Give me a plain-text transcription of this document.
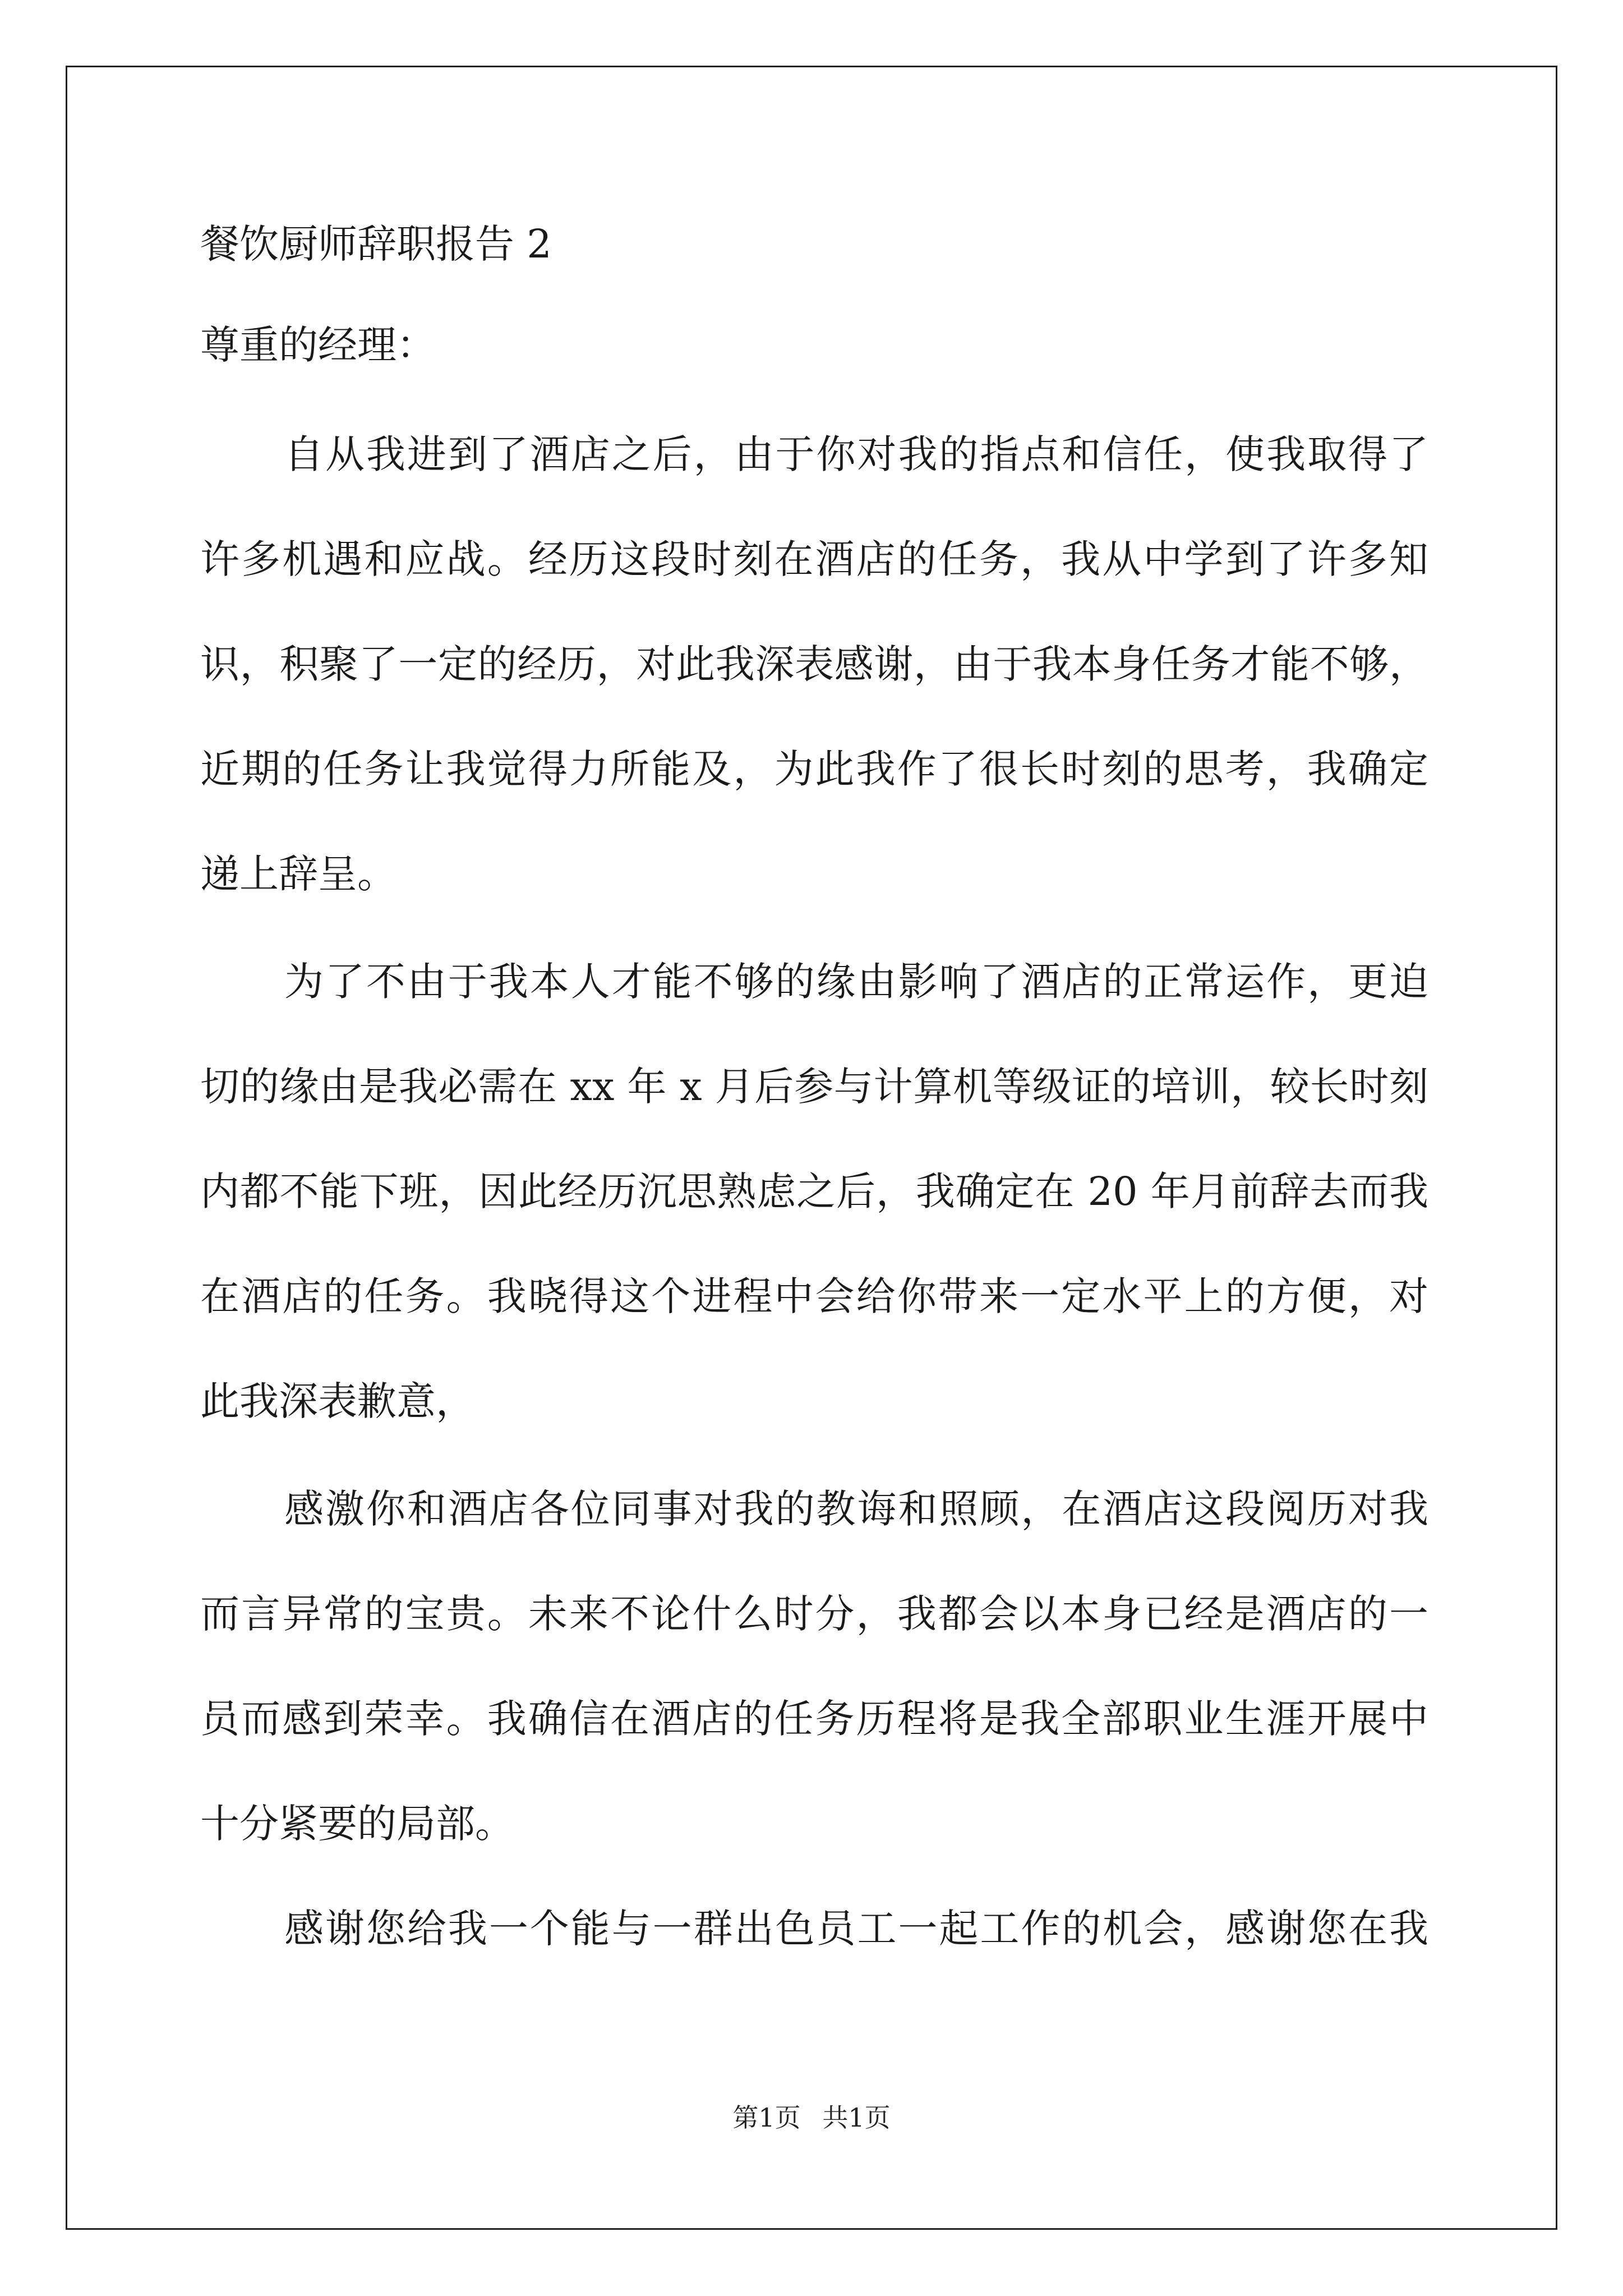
餐饮厨师辞职报告 2
尊重的经理：
自从我进到了酒店之后，由于你对我的指点和信任，使我取得了
许多机遇和应战。经历这段时刻在酒店的任务，我从中学到了许多知
识，积聚了一定的经历，对此我深表感谢，由于我本身任务才能不够，
近期的任务让我觉得力所能及，为此我作了很长时刻的思考，我确定
递上辞呈。
为了不由于我本人才能不够的缘由影响了酒店的正常运作，更迫
切的缘由是我必需在 xx 年 x 月后参与计算机等级证的培训，较长时刻
内都不能下班，因此经历沉思熟虑之后，我确定在 20 年月前辞去而我
在酒店的任务。我晓得这个进程中会给你带来一定水平上的方便，对
此我深表歉意，
感激你和酒店各位同事对我的教诲和照顾，在酒店这段阅历对我
而言异常的宝贵。未来不论什么时分，我都会以本身已经是酒店的一
员而感到荣幸。我确信在酒店的任务历程将是我全部职业生涯开展中
十分紧要的局部。
感谢您给我一个能与一群出色员工一起工作的机会，感谢您在我
第1页 共1页
